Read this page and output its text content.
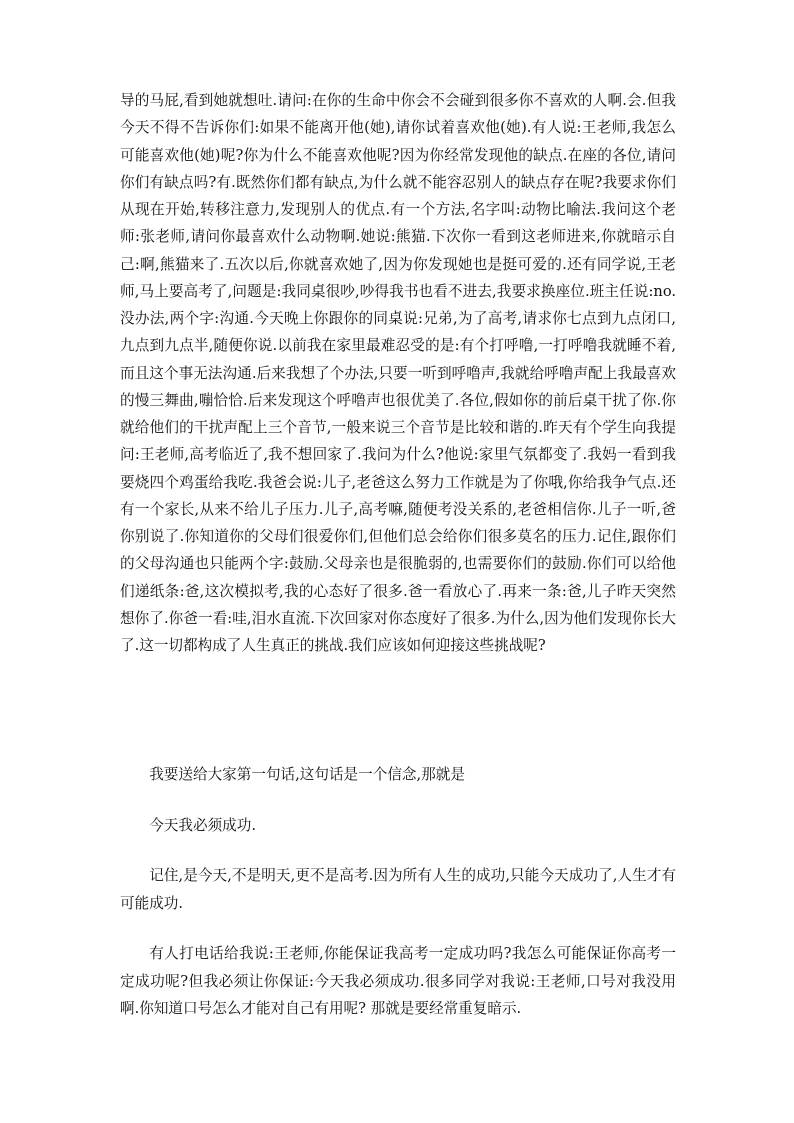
导的马屁,看到她就想吐.请问:在你的生命中你会不会碰到很多你不喜欢的人啊.会.但我今天不得不告诉你们:如果不能离开他(她),请你试着喜欢他(她).有人说:王老师,我怎么可能喜欢他(她)呢?你为什么不能喜欢他呢?因为你经常发现他的缺点.在座的各位,请问你们有缺点吗?有.既然你们都有缺点,为什么就不能容忍别人的缺点存在呢?我要求你们从现在开始,转移注意力,发现别人的优点.有一个方法,名字叫:动物比喻法.我问这个老师:张老师,请问你最喜欢什么动物啊.她说:熊猫.下次你一看到这老师进来,你就暗示自己:啊,熊猫来了.五次以后,你就喜欢她了,因为你发现她也是挺可爱的.还有同学说,王老师,马上要高考了,问题是:我同桌很吵,吵得我书也看不进去,我要求换座位.班主任说:no.没办法,两个字:沟通.今天晚上你跟你的同桌说:兄弟,为了高考,请求你七点到九点闭口,九点到九点半,随便你说.以前我在家里最难忍受的是:有个打呼噜,一打呼噜我就睡不着,而且这个事无法沟通.后来我想了个办法,只要一听到呼噜声,我就给呼噜声配上我最喜欢的慢三舞曲,嘣恰恰.后来发现这个呼噜声也很优美了.各位,假如你的前后桌干扰了你.你就给他们的干扰声配上三个音节,一般来说三个音节是比较和谐的.昨天有个学生向我提问:王老师,高考临近了,我不想回家了.我问为什么?他说:家里气氛都变了.我妈一看到我要烧四个鸡蛋给我吃.我爸会说:儿子,老爸这么努力工作就是为了你哦,你给我争气点.还有一个家长,从来不给儿子压力.儿子,高考嘛,随便考没关系的,老爸相信你.儿子一听,爸你别说了.你知道你的父母们很爱你们,但他们总会给你们很多莫名的压力.记住,跟你们的父母沟通也只能两个字:鼓励.父母亲也是很脆弱的,也需要你们的鼓励.你们可以给他们递纸条:爸,这次模拟考,我的心态好了很多.爸一看放心了.再来一条:爸,儿子昨天突然想你了.你爸一看:哇,泪水直流.下次回家对你态度好了很多.为什么,因为他们发现你长大了.这一切都构成了人生真正的挑战.我们应该如何迎接这些挑战呢?

我要送给大家第一句话,这句话是一个信念,那就是

今天我必须成功.

记住,是今天,不是明天,更不是高考.因为所有人生的成功,只能今天成功了,人生才有可能成功.

有人打电话给我说:王老师,你能保证我高考一定成功吗?我怎么可能保证你高考一定成功呢?但我必须让你保证:今天我必须成功.很多同学对我说:王老师,口号对我没用啊.你知道口号怎么才能对自己有用呢? 那就是要经常重复暗示.
